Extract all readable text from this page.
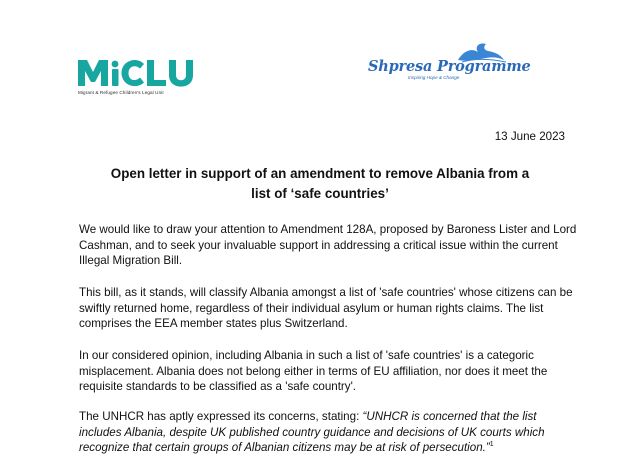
Migrant & Refugee Children's Legal Unit
Shpresa Programme
Inspiring Hope & Change
13 June 2023
Open letter in support of an amendment to remove Albania from a
list of ‘safe countries’

We would like to draw your attention to Amendment 128A, proposed by Baroness Lister and Lord Cashman, and to seek your invaluable support in addressing a critical issue within the current Illegal Migration Bill.

This bill, as it stands, will classify Albania amongst a list of 'safe countries' whose citizens can be swiftly returned home, regardless of their individual asylum or human rights claims. The list comprises the EEA member states plus Switzerland.

In our considered opinion, including Albania in such a list of 'safe countries' is a categoric misplacement. Albania does not belong either in terms of EU affiliation, nor does it meet the requisite standards to be classified as a 'safe country'.

The UNHCR has aptly expressed its concerns, stating: “UNHCR is concerned that the list includes Albania, despite UK published country guidance and decisions of UK courts which recognize that certain groups of Albanian citizens may be at risk of persecution.”$^1$
